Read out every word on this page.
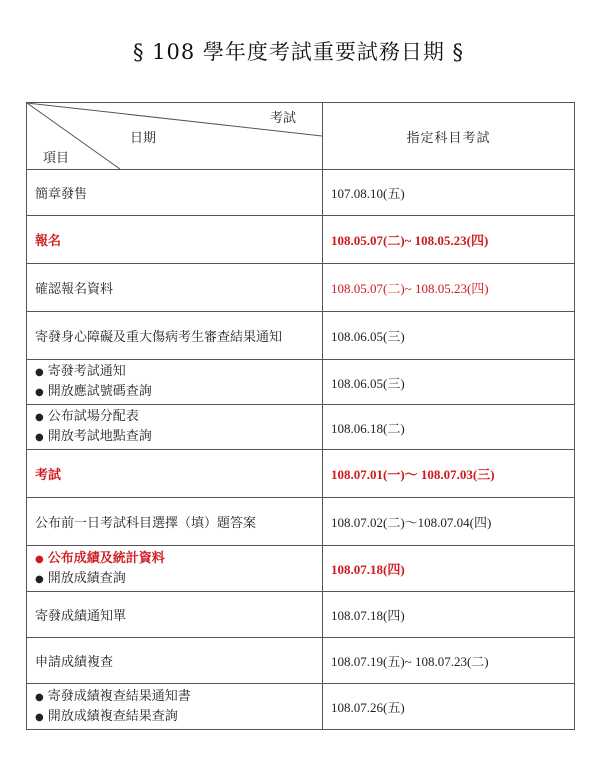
§ 108 學年度考試重要試務日期 §
考試
日期
項目	指定科目考試
簡章發售	107.08.10(五)
報名	108.05.07(二)~ 108.05.23(四)
確認報名資料	108.05.07(二)~ 108.05.23(四)
寄發身心障礙及重大傷病考生審查結果通知	108.06.05(三)

● 寄發考試通知
● 開放應試號碼查詢	108.06.05(三)

● 公布試場分配表
● 開放考試地點查詢	108.06.18(二)
考試	108.07.01(一)～ 108.07.03(三)
公布前一日考試科目選擇（填）題答案	108.07.02(二)〜108.07.04(四)

● 公布成績及統計資料
● 開放成績查詢	108.07.18(四)
寄發成績通知單	108.07.18(四)
申請成績複查	108.07.19(五)~ 108.07.23(二)

● 寄發成績複查結果通知書
● 開放成績複查結果查詢	108.07.26(五)
